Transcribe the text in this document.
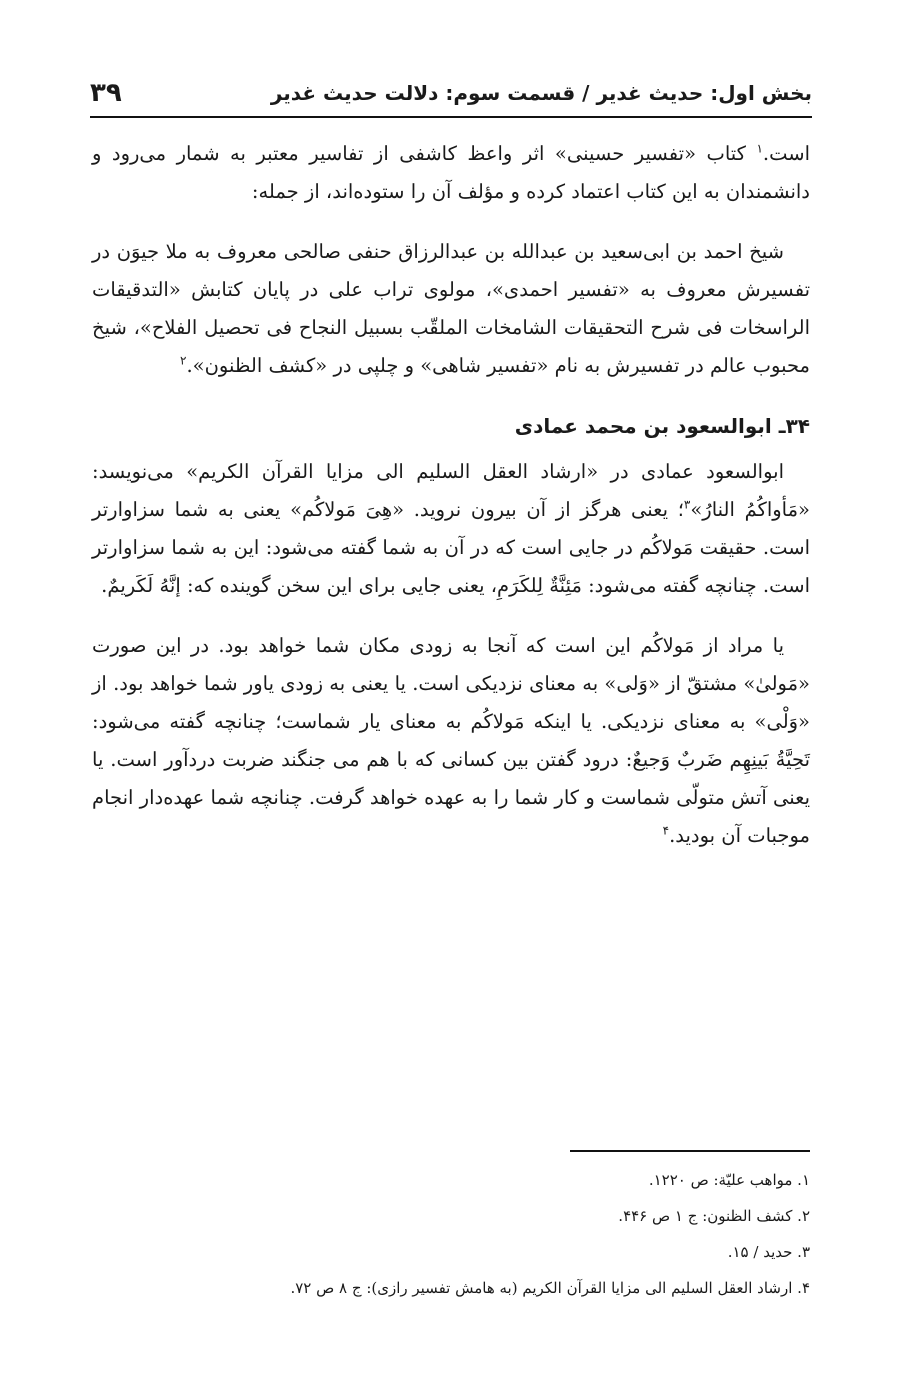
بخش اول: حدیث غدیر / قسمت سوم: دلالت حدیث غدیر
۳۹

است.$^۱$ کتاب «تفسیر حسینی» اثر واعظ کاشفی از تفاسیر معتبر به شمار می‌رود و دانشمندان به این کتاب اعتماد کرده و مؤلف آن را ستوده‌اند، از جمله:

شیخ احمد بن ابی‌سعید بن عبدالله بن عبدالرزاق حنفی صالحی معروف به ملا جیوَن در تفسیرش معروف به «تفسیر احمدی»، مولوی تراب علی در پایان کتابش «التدقیقات الراسخات فی شرح التحقیقات الشامخات الملقّب بسبیل النجاح فی تحصیل الفلاح»، شیخ محبوب عالم در تفسیرش به نام «تفسیر شاهی» و چلپی در «کشف الظنون».$^۲$

۳۴ـ ابوالسعود بن محمد عمادی

ابوالسعود عمادی در «ارشاد العقل السلیم الی مزایا القرآن الکریم» می‌نویسد: «مَأواکُمُ النارُ»$^۳$؛ یعنی هرگز از آن بیرون نروید. «هِیَ مَولاکُم» یعنی به شما سزاوارتر است. حقیقت مَولاکُم در جایی است که در آن به شما گفته می‌شود: این به شما سزاوارتر است. چنانچه گفته می‌شود: مَئِنَّةٌ لِلکَرَمِ، یعنی جایی برای این سخن گوینده که: إنَّهُ لَکَریمٌ.

یا مراد از مَولاکُم این است که آنجا به زودی مکان شما خواهد بود. در این صورت «مَولیٰ» مشتقّ از «وَلی» به معنای نزدیکی است. یا یعنی به زودی یاور شما خواهد بود. از «وَلْی» به معنای نزدیکی. یا اینکه مَولاکُم به معنای یار شماست؛ چنانچه گفته می‌شود: تَحِیَّةُ بَینِهِم ضَربٌ وَجیعٌ: درود گفتن بین کسانی که با هم می جنگند ضربت دردآور است. یا یعنی آتش متولّی شماست و کار شما را به عهده خواهد گرفت. چنانچه شما عهده‌دار انجام موجبات آن بودید.$^۴$

۱. مواهب علیّة: ص ۱۲۲۰.

۲. کشف الظنون: ج ۱ ص ۴۴۶.

۳. حدید / ۱۵.

۴. ارشاد العقل السلیم الی مزایا القرآن الکریم (به هامش تفسیر رازی): ج ۸ ص ۷۲.
